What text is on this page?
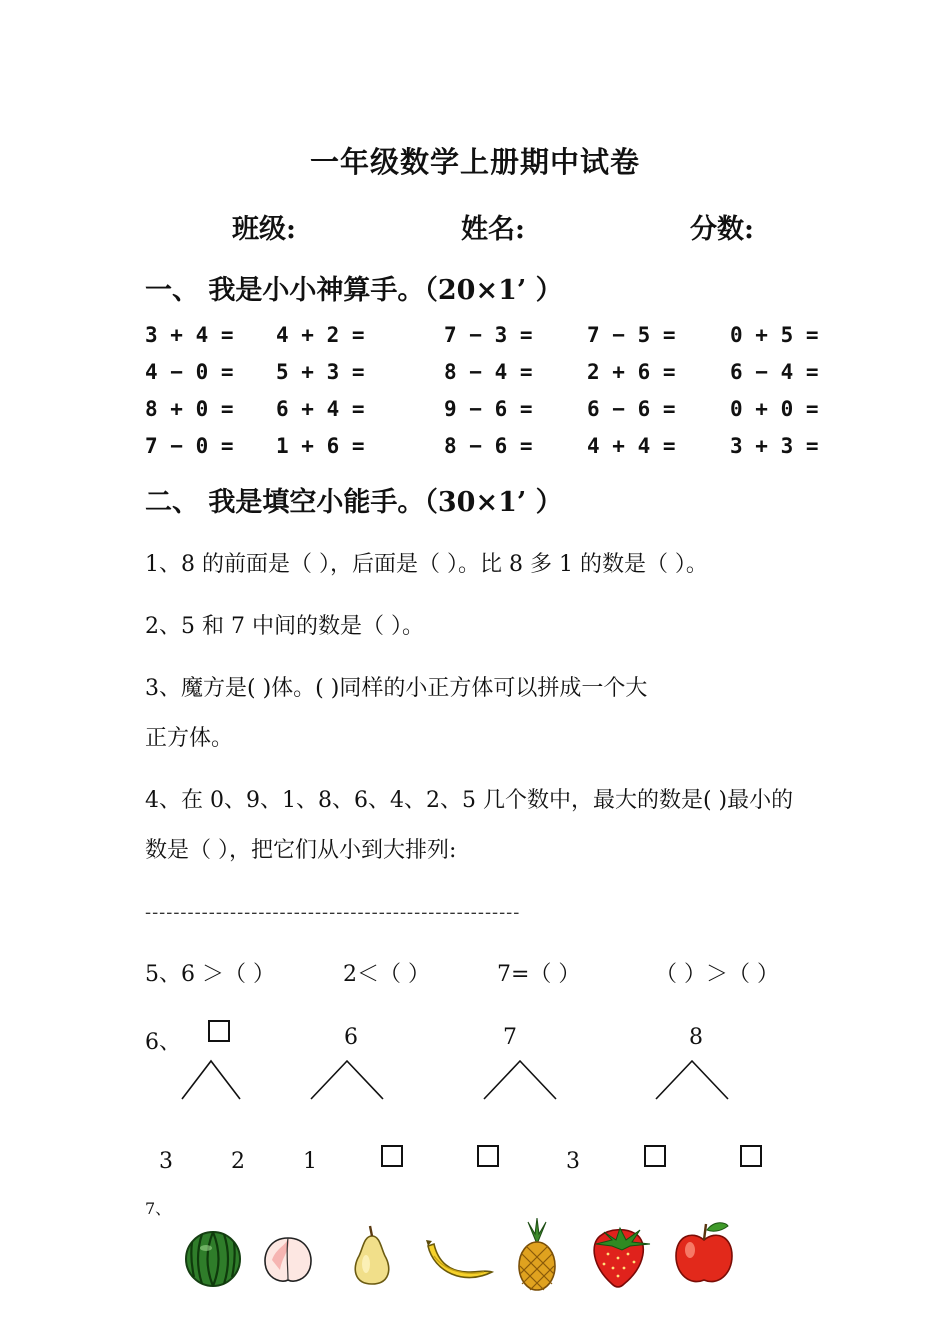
一年级数学上册期中试卷
班级:	姓名:	分数:
一、 我是小小神算手。（20×1’ ）
3 + 4 = 4 + 2 =	7 − 3 =	7 − 5 =	0 + 5 =
4 − 0 = 5 + 3 =	8 − 4 =	2 + 6 =	6 − 4 =
8 + 0 = 6 + 4 =	9 − 6 =	6 − 6 =	0 + 0 =
7 − 0 = 1 + 6 =	8 − 6 =	4 + 4 =	3 + 3 =
二、 我是填空小能手。（30×1’ ）
1、8 的前面是（ ），后面是（ ）。比 8 多 1 的数是（ ）。
2、5 和 7 中间的数是（ ）。
3、魔方是( )体。( )同样的小正方体可以拼成一个大
正方体。
4、在 0、9、1、8、6、4、2、5 几个数中，最大的数是( )最小的
数是（ ），把它们从小到大排列:
-----------------------------------------------------
5、6 ＞（ ）	2＜（ ）	7=（ ）	（ ）＞（ ）
6、	6	7	8
3	2	1	3
7、
